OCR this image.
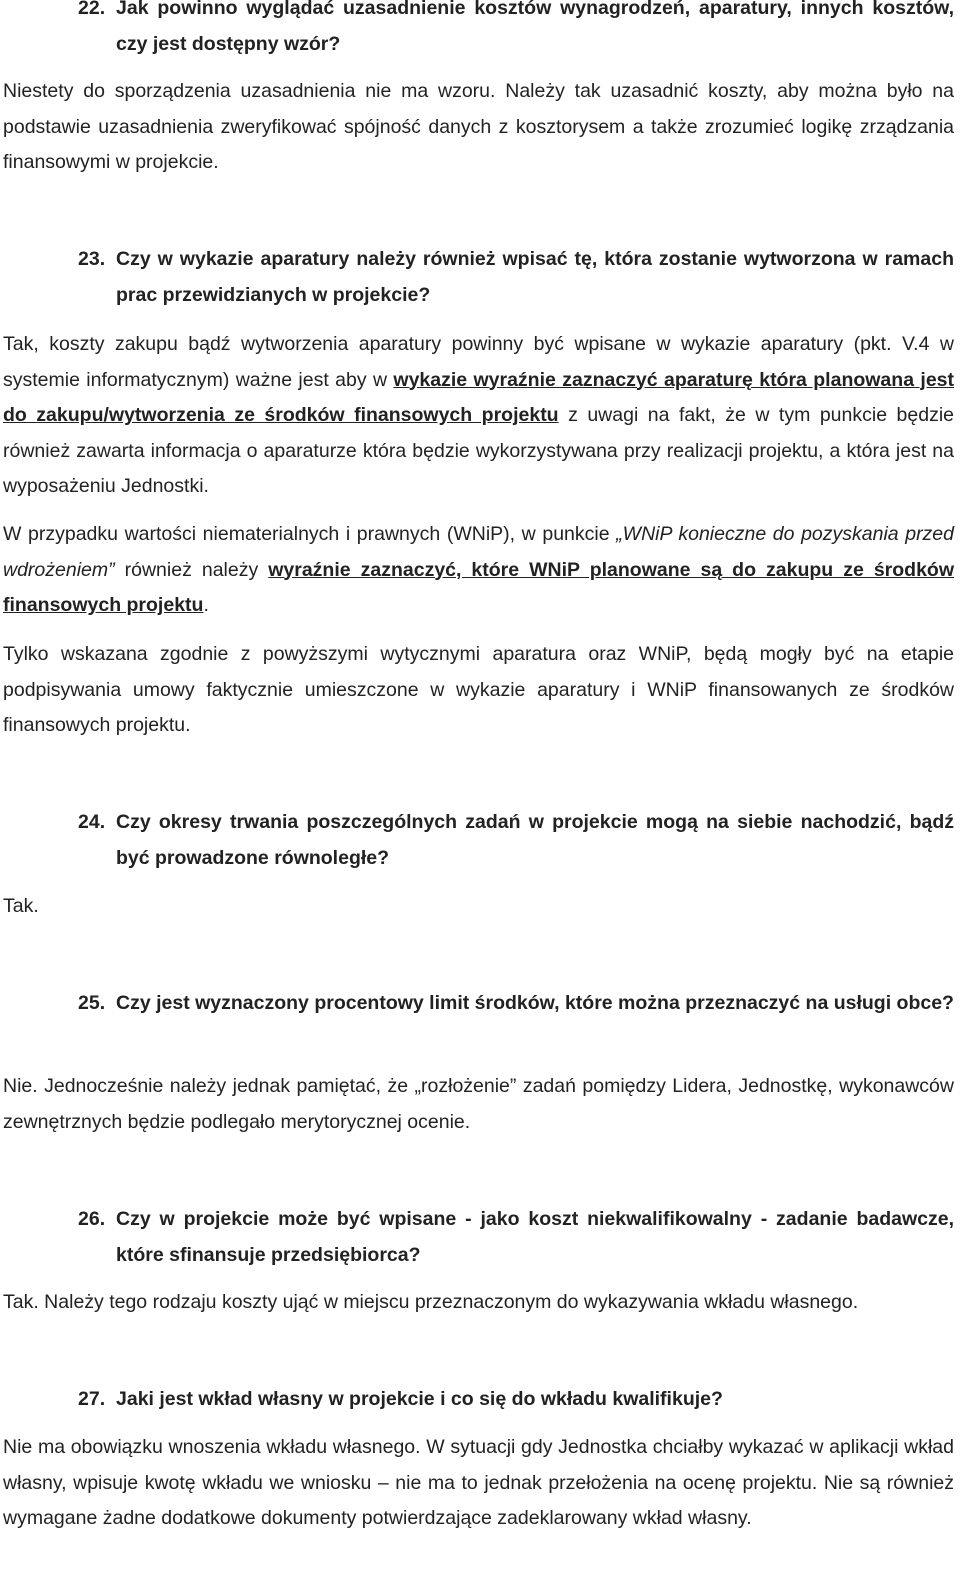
22. Jak powinno wyglądać uzasadnienie kosztów wynagrodzeń, aparatury, innych kosztów, czy jest dostępny wzór?

Niestety do sporządzenia uzasadnienia nie ma wzoru. Należy tak uzasadnić koszty, aby można było na podstawie uzasadnienia zweryfikować spójność danych z kosztorysem a także zrozumieć logikę zrządzania finansowymi w projekcie.

23. Czy w wykazie aparatury należy również wpisać tę, która zostanie wytworzona w ramach prac przewidzianych w projekcie?

Tak, koszty zakupu bądź wytworzenia aparatury powinny być wpisane w wykazie aparatury (pkt. V.4 w systemie informatycznym) ważne jest aby w wykazie wyraźnie zaznaczyć aparaturę która planowana jest do zakupu/wytworzenia ze środków finansowych projektu z uwagi na fakt, że w tym punkcie będzie również zawarta informacja o aparaturze która będzie wykorzystywana przy realizacji projektu, a która jest na wyposażeniu Jednostki.

W przypadku wartości niematerialnych i prawnych (WNiP), w punkcie „WNiP konieczne do pozyskania przed wdrożeniem” również należy wyraźnie zaznaczyć, które WNiP planowane są do zakupu ze środków finansowych projektu.

Tylko wskazana zgodnie z powyższymi wytycznymi aparatura oraz WNiP, będą mogły być na etapie podpisywania umowy faktycznie umieszczone w wykazie aparatury i WNiP finansowanych ze środków finansowych projektu.

24. Czy okresy trwania poszczególnych zadań w projekcie mogą na siebie nachodzić, bądź być prowadzone równoległe?

Tak.

25. Czy jest wyznaczony procentowy limit środków, które można przeznaczyć na usługi obce?

Nie. Jednocześnie należy jednak pamiętać, że „rozłożenie” zadań pomiędzy Lidera, Jednostkę, wykonawców zewnętrznych będzie podlegało merytorycznej ocenie.

26. Czy w projekcie może być wpisane - jako koszt niekwalifikowalny - zadanie badawcze, które sfinansuje przedsiębiorca?

Tak. Należy tego rodzaju koszty ująć w miejscu przeznaczonym do wykazywania wkładu własnego.

27. Jaki jest wkład własny w projekcie i co się do wkładu kwalifikuje?

Nie ma obowiązku wnoszenia wkładu własnego. W sytuacji gdy Jednostka chciałby wykazać w aplikacji wkład własny, wpisuje kwotę wkładu we wniosku – nie ma to jednak przełożenia na ocenę projektu. Nie są również wymagane żadne dodatkowe dokumenty potwierdzające zadeklarowany wkład własny.
